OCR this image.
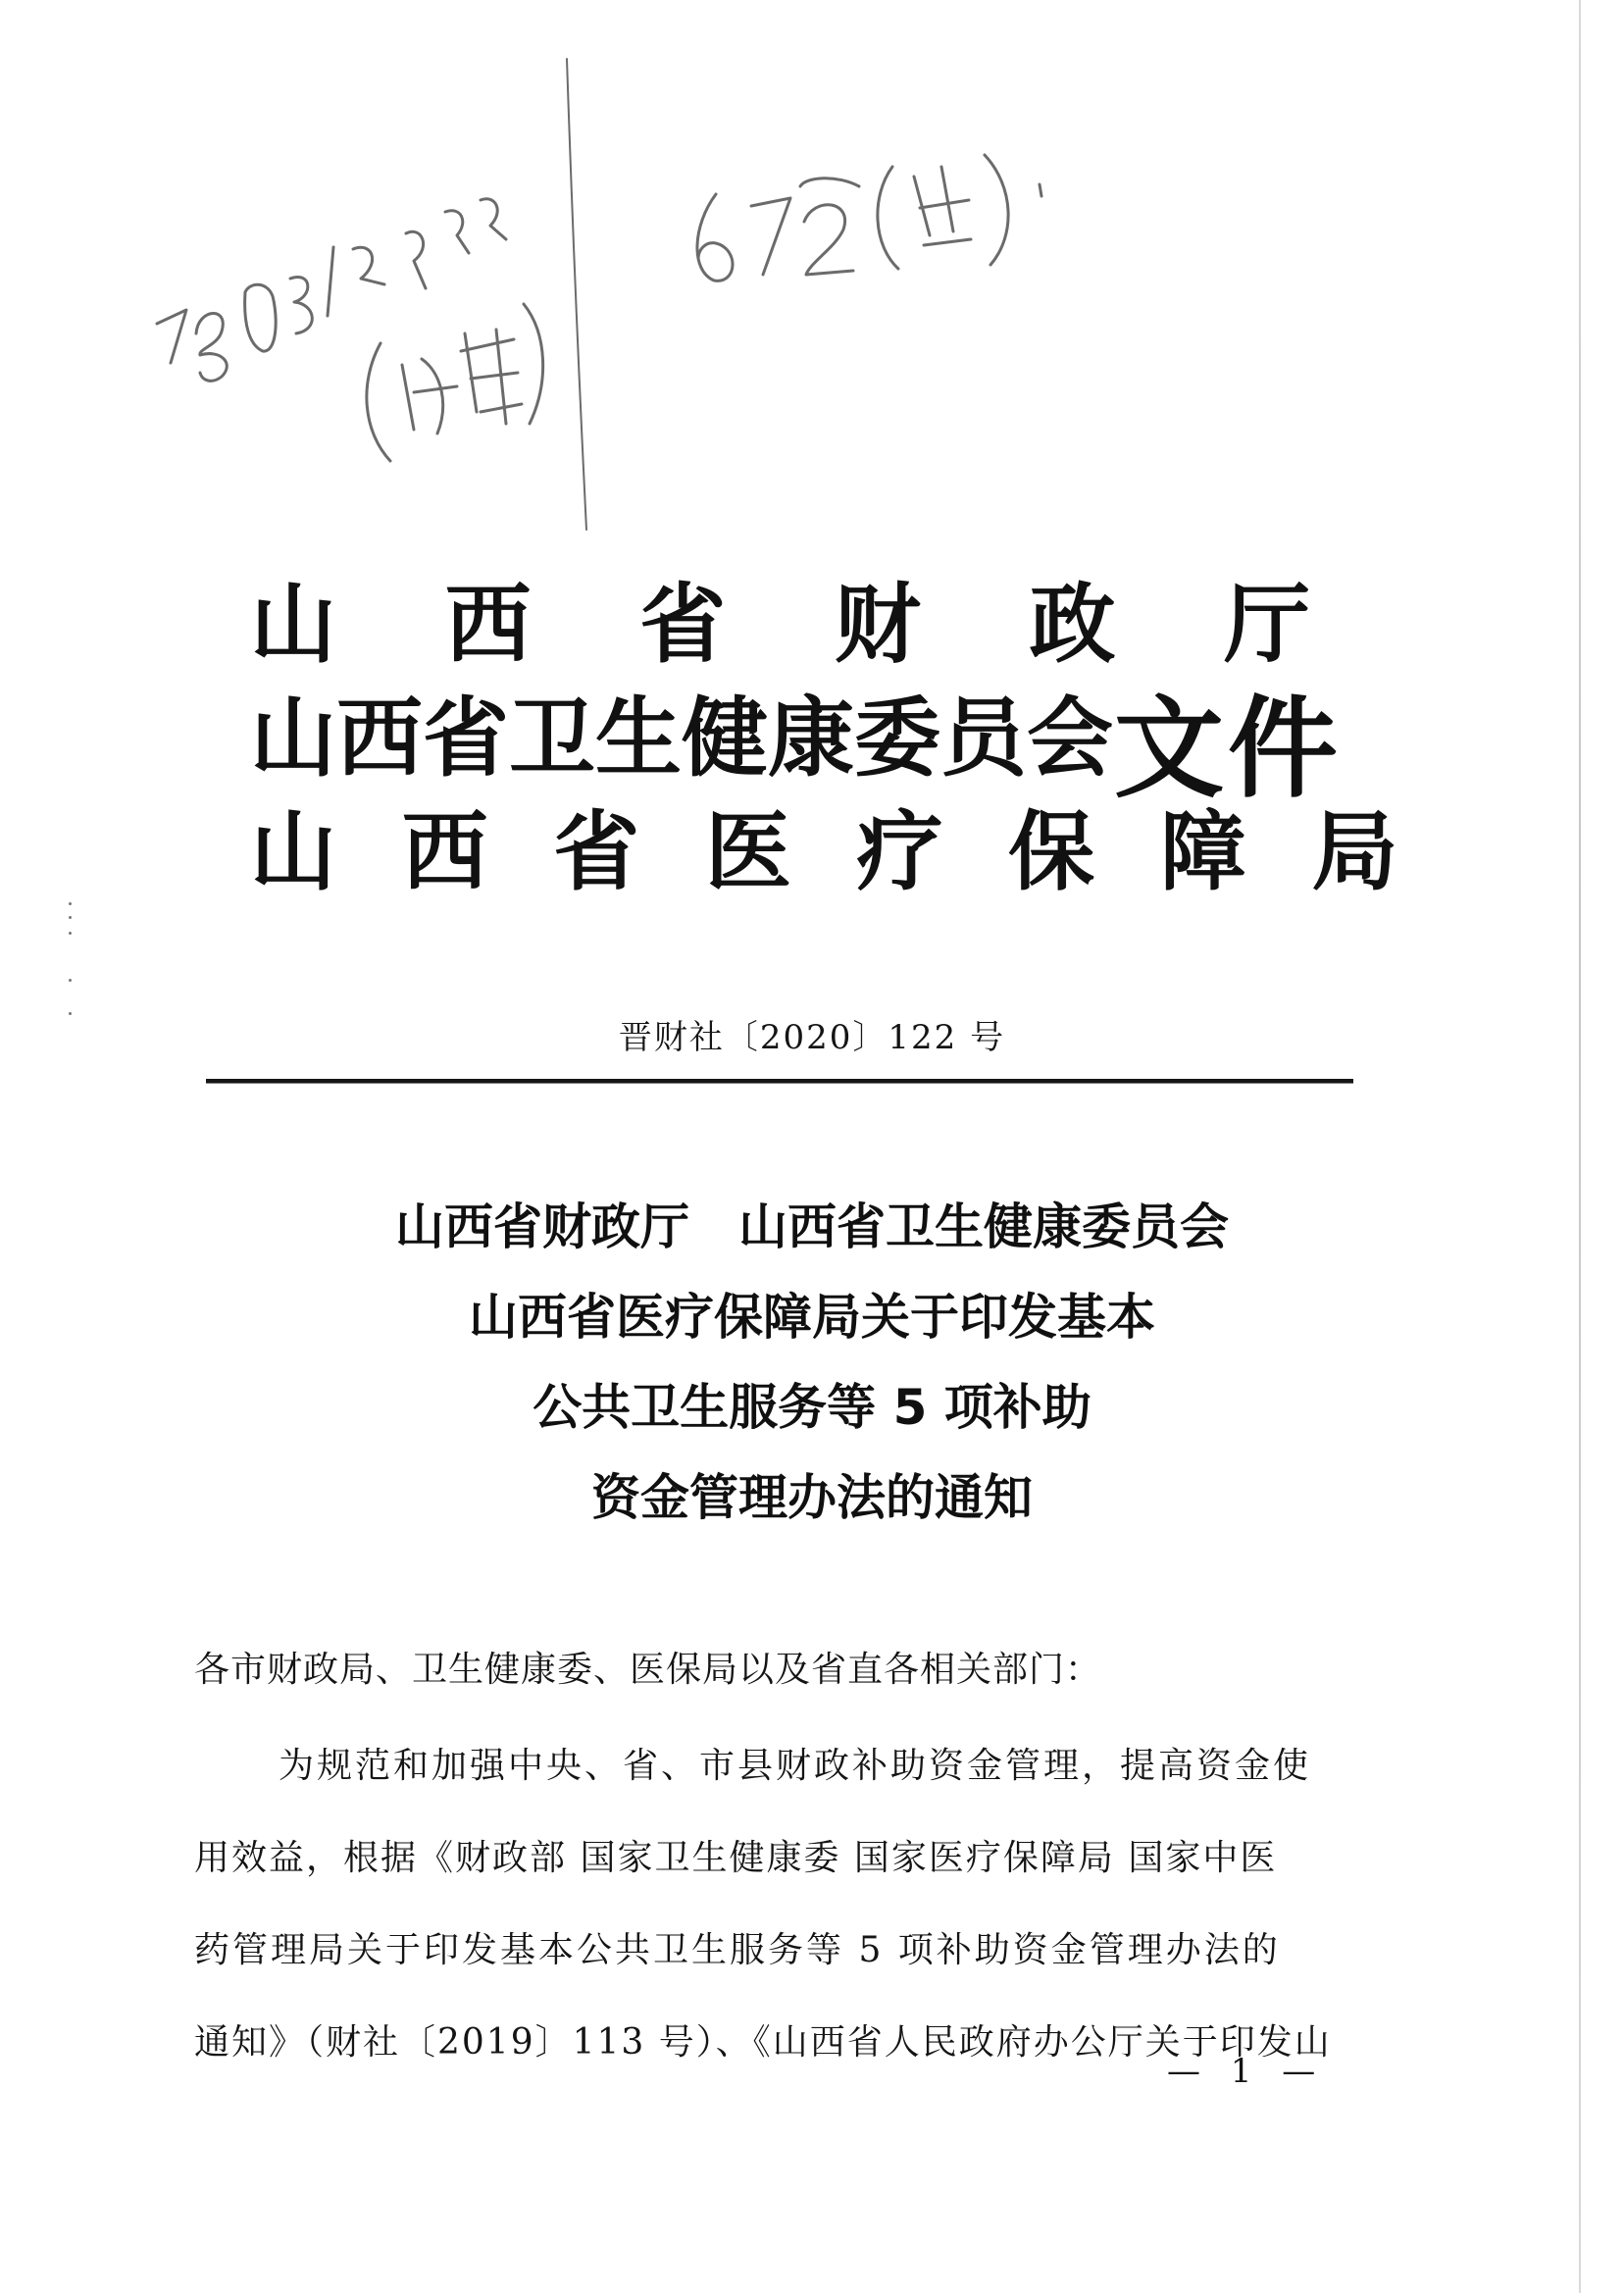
山 西 省 财 政 厅
山西省卫生健康委员会
山 西 省 医 疗 保 障 局
文件
晋财社〔2020〕122 号
山西省财政厅　山西省卫生健康委员会
山西省医疗保障局关于印发基本
公共卫生服务等 5 项补助
资金管理办法的通知
各市财政局、卫生健康委、医保局以及省直各相关部门：
为规范和加强中央、省、市县财政补助资金管理，提高资金使
用效益，根据《财政部 国家卫生健康委 国家医疗保障局 国家中医
药管理局关于印发基本公共卫生服务等 5 项补助资金管理办法的
通知》（财社〔2019〕113 号）、《山西省人民政府办公厅关于印发山
— 1 —
